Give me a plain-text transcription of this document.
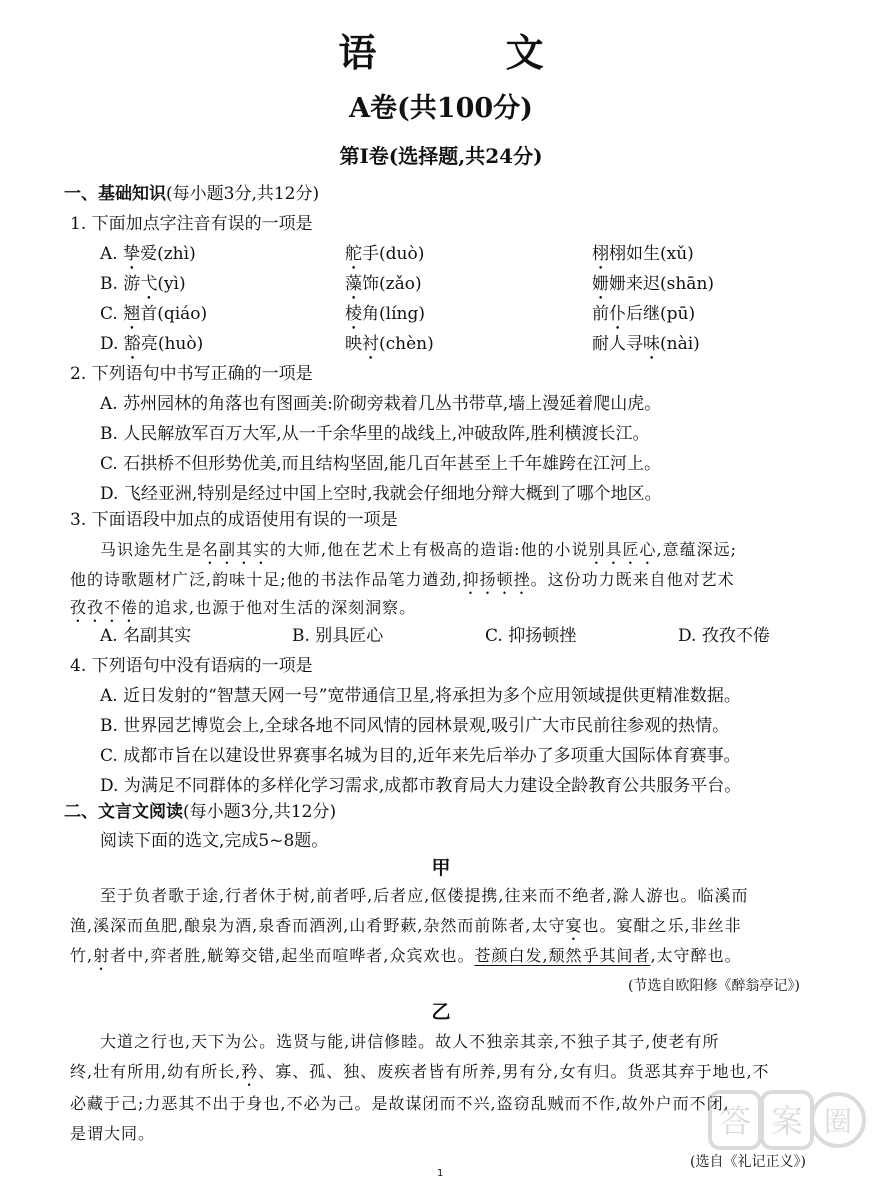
语 文
A卷(共100分)
第Ⅰ卷(选择题,共24分)
一、基础知识(每小题3分,共12分)
1. 下面加点字注音有误的一项是
A. 挚爱(zhì)	舵手(duò)	栩栩如生(xǔ)
B. 游弋(yì)	藻饰(zǎo)	姗姗来迟(shān)
C. 翘首(qiáo)	棱角(líng)	前仆后继(pū)
D. 豁亮(huò)	映衬(chèn)	耐人寻味(nài)
2. 下列语句中书写正确的一项是
A. 苏州园林的角落也有图画美:阶砌旁栽着几丛书带草,墙上漫延着爬山虎。
B. 人民解放军百万大军,从一千余华里的战线上,冲破敌阵,胜利横渡长江。
C. 石拱桥不但形势优美,而且结构坚固,能几百年甚至上千年雄跨在江河上。
D. 飞经亚洲,特别是经过中国上空时,我就会仔细地分辩大概到了哪个地区。
3. 下面语段中加点的成语使用有误的一项是
马识途先生是名副其实的大师,他在艺术上有极高的造诣:他的小说别具匠心,意蕴深远;
他的诗歌题材广泛,韵味十足;他的书法作品笔力遒劲,抑扬顿挫。这份功力既来自他对艺术
孜孜不倦的追求,也源于他对生活的深刻洞察。
A. 名副其实	B. 别具匠心	C. 抑扬顿挫	D. 孜孜不倦
4. 下列语句中没有语病的一项是
A. 近日发射的“智慧天网一号”宽带通信卫星,将承担为多个应用领域提供更精准数据。
B. 世界园艺博览会上,全球各地不同风情的园林景观,吸引广大市民前往参观的热情。
C. 成都市旨在以建设世界赛事名城为目的,近年来先后举办了多项重大国际体育赛事。
D. 为满足不同群体的多样化学习需求,成都市教育局大力建设全龄教育公共服务平台。
二、文言文阅读(每小题3分,共12分)
阅读下面的选文,完成5~8题。
甲
至于负者歌于途,行者休于树,前者呼,后者应,伛偻提携,往来而不绝者,滁人游也。临溪而
渔,溪深而鱼肥,酿泉为酒,泉香而酒洌,山肴野蔌,杂然而前陈者,太守宴也。宴酣之乐,非丝非
竹,射者中,弈者胜,觥筹交错,起坐而喧哗者,众宾欢也。苍颜白发,颓然乎其间者,太守醉也。
(节选自欧阳修《醉翁亭记》)
乙
大道之行也,天下为公。选贤与能,讲信修睦。故人不独亲其亲,不独子其子,使老有所
终,壮有所用,幼有所长,矜、寡、孤、独、废疾者皆有所养,男有分,女有归。货恶其弃于地也,不
必藏于己;力恶其不出于身也,不必为己。是故谋闭而不兴,盗窃乱贼而不作,故外户而不闭,
是谓大同。
(选自《礼记正义》)
1
答 案 圈
